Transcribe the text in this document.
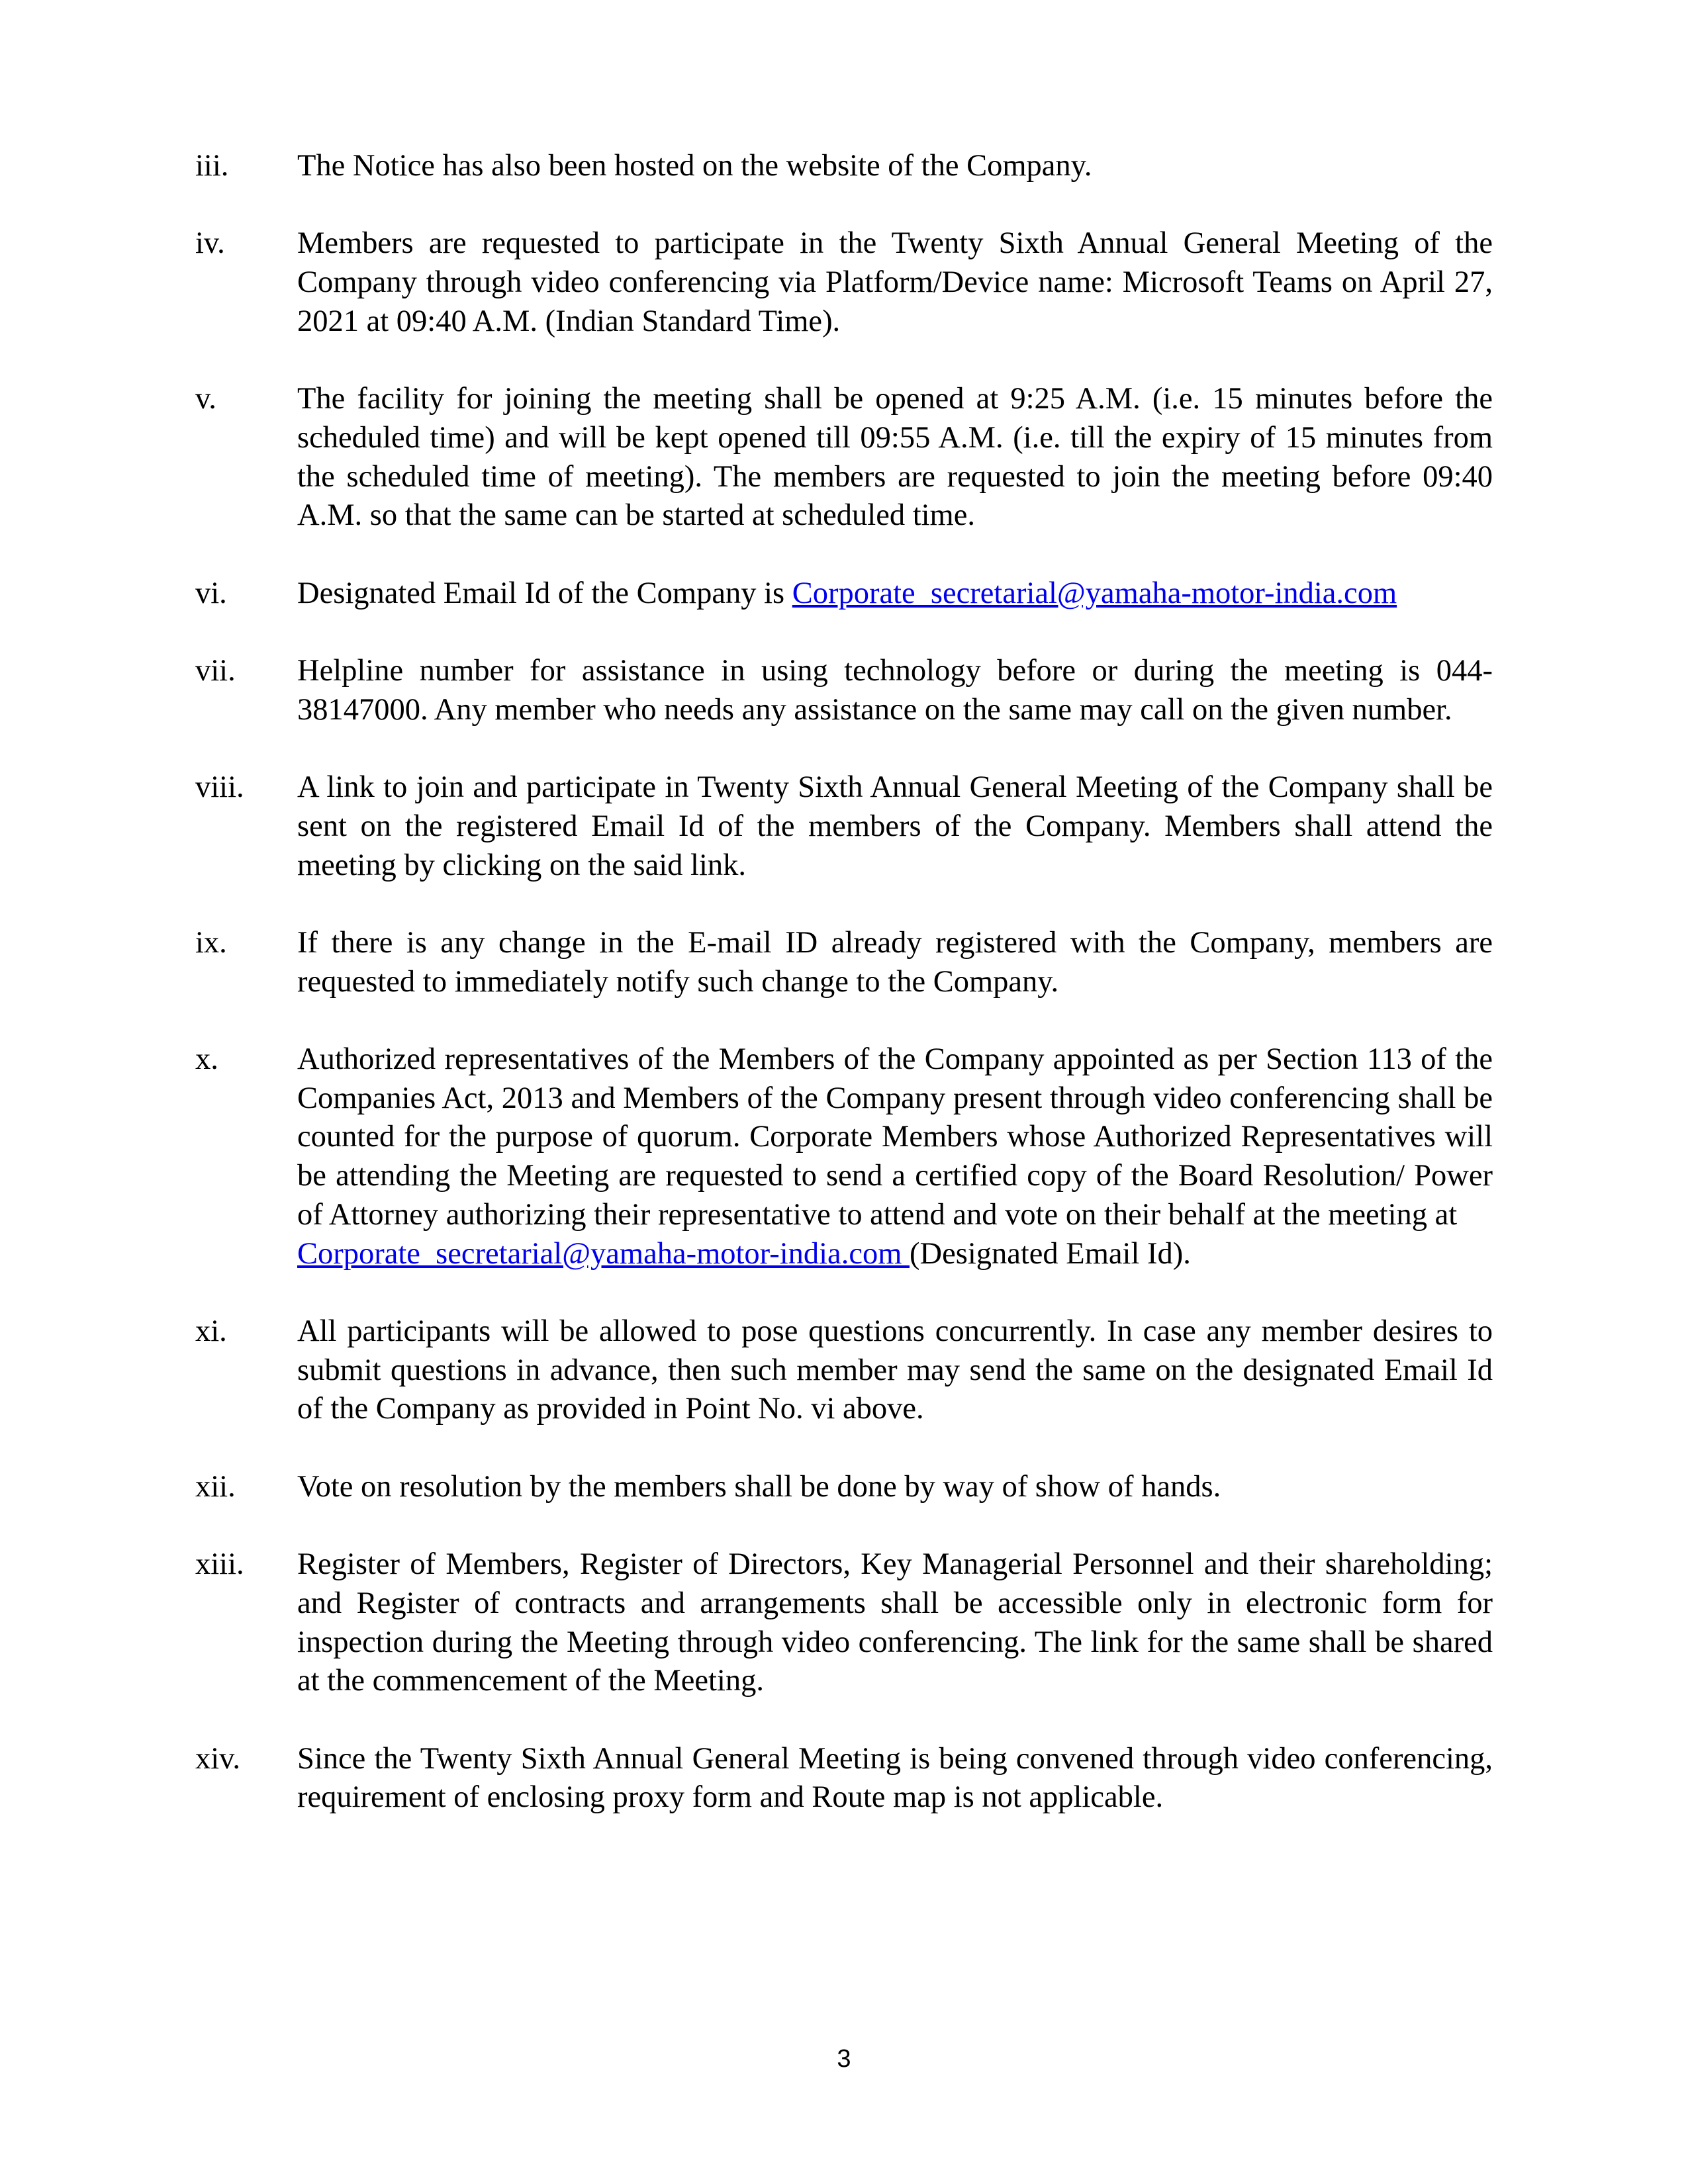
iii. The Notice has also been hosted on the website of the Company.
iv. Members are requested to participate in the Twenty Sixth Annual General Meeting of the Company through video conferencing via Platform/Device name: Microsoft Teams on April 27, 2021 at 09:40 A.M. (Indian Standard Time).
v.	The facility for joining the meeting shall be opened at 9:25 A.M. (i.e. 15 minutes before the scheduled time) and will be kept opened till 09:55 A.M. (i.e. till the expiry of 15 minutes from the scheduled time of meeting). The members are requested to join the meeting before 09:40 A.M. so that the same can be started at scheduled time.
vi. Designated Email Id of the Company is Corporate_secretarial@yamaha-motor-india.com
vii. Helpline number for assistance in using technology before or during the meeting is 044-38147000. Any member who needs any assistance on the same may call on the given number.
viii. A link to join and participate in Twenty Sixth Annual General Meeting of the Company shall be sent on the registered Email Id of the members of the Company. Members shall attend the meeting by clicking on the said link.
ix. If there is any change in the E-mail ID already registered with the Company, members are requested to immediately notify such change to the Company.
x.	Authorized representatives of the Members of the Company appointed as per Section 113 of the Companies Act, 2013 and Members of the Company present through video conferencing shall be counted for the purpose of quorum. Corporate Members whose Authorized Representatives will be attending the Meeting are requested to send a certified copy of the Board Resolution/ Power of Attorney authorizing their representative to attend and vote on their behalf at the meeting at
Corporate_secretarial@yamaha-motor-india.com (Designated Email Id).
xi. All participants will be allowed to pose questions concurrently. In case any member desires to submit questions in advance, then such member may send the same on the designated Email Id of the Company as provided in Point No. vi above.
xii. Vote on resolution by the members shall be done by way of show of hands.
xiii. Register of Members, Register of Directors, Key Managerial Personnel and their shareholding; and Register of contracts and arrangements shall be accessible only in electronic form for inspection during the Meeting through video conferencing. The link for the same shall be shared at the commencement of the Meeting.
xiv. Since the Twenty Sixth Annual General Meeting is being convened through video conferencing, requirement of enclosing proxy form and Route map is not applicable.
3
